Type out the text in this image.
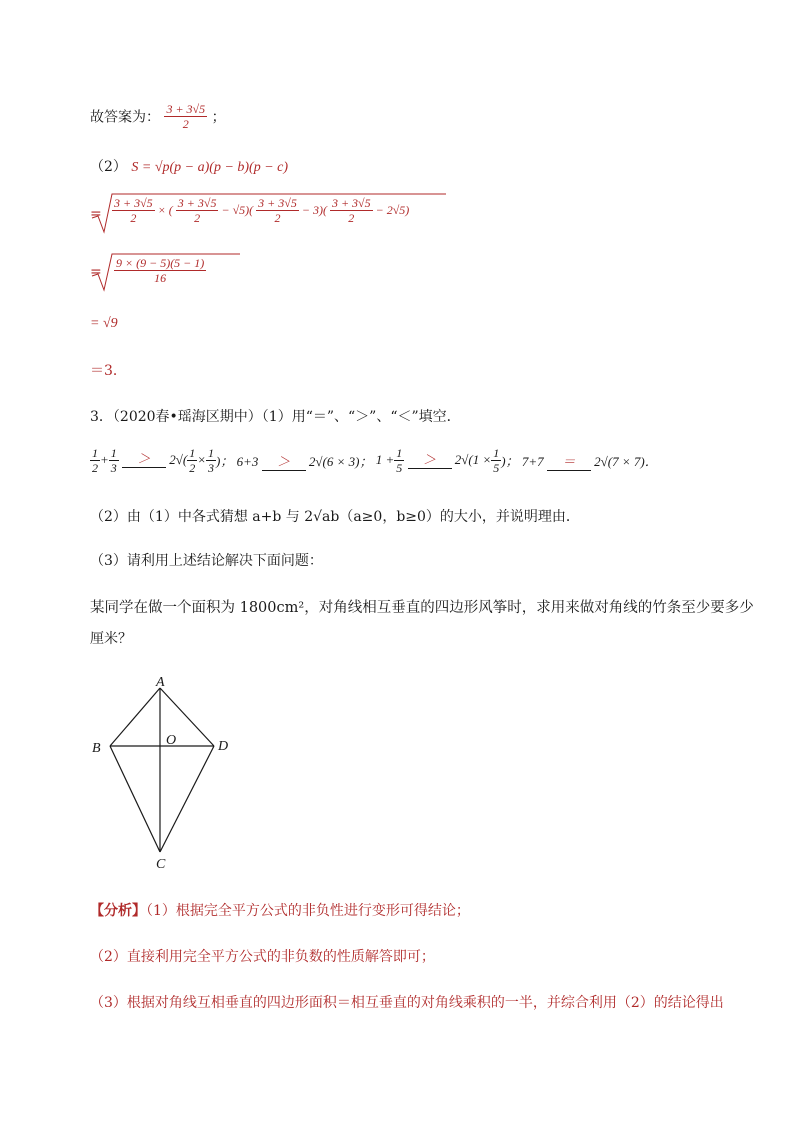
故答案为： $\frac{3 + 3√5}{2}$ ；
（2） S = √p(p − a)(p − b)(p − c)
= $\frac{3 + 3√5}{2}$ × ( $\frac{3 + 3√5}{2} - √5)( \frac{3 + 3√5}{2} - 3)( \frac{3 + 3√5}{2} - 2√5)$
= $\frac{9 \times (9 - 5)(5 - 1)}{16}$
= √9
＝3．
3．（2020春•瑶海区期中）（1）用“＝”、“＞”、“＜”填空．
$\frac{1}{2} + \frac{1}{3} > 2√( \frac{1}{2} \times \frac{1}{3}$ )； 6+3 ＞ 2√(6 × 3)； $1 + \frac{1}{5} > 2√(1 \times \frac{1}{5}$ )； 7+7 ＝ 2√(7 × 7)．
（2）由（1）中各式猜想 a+b 与 2√ab（a≥0，b≥0）的大小，并说明理由．
（3）请利用上述结论解决下面问题：
某同学在做一个面积为 1800cm²，对角线相互垂直的四边形风筝时，求用来做对角线的竹条至少要多少
厘米？
A
B
O	D
C
【分析】（1）根据完全平方公式的非负性进行变形可得结论；
（2）直接利用完全平方公式的非负数的性质解答即可；
（3）根据对角线互相垂直的四边形面积＝相互垂直的对角线乘积的一半，并综合利用（2）的结论得出
